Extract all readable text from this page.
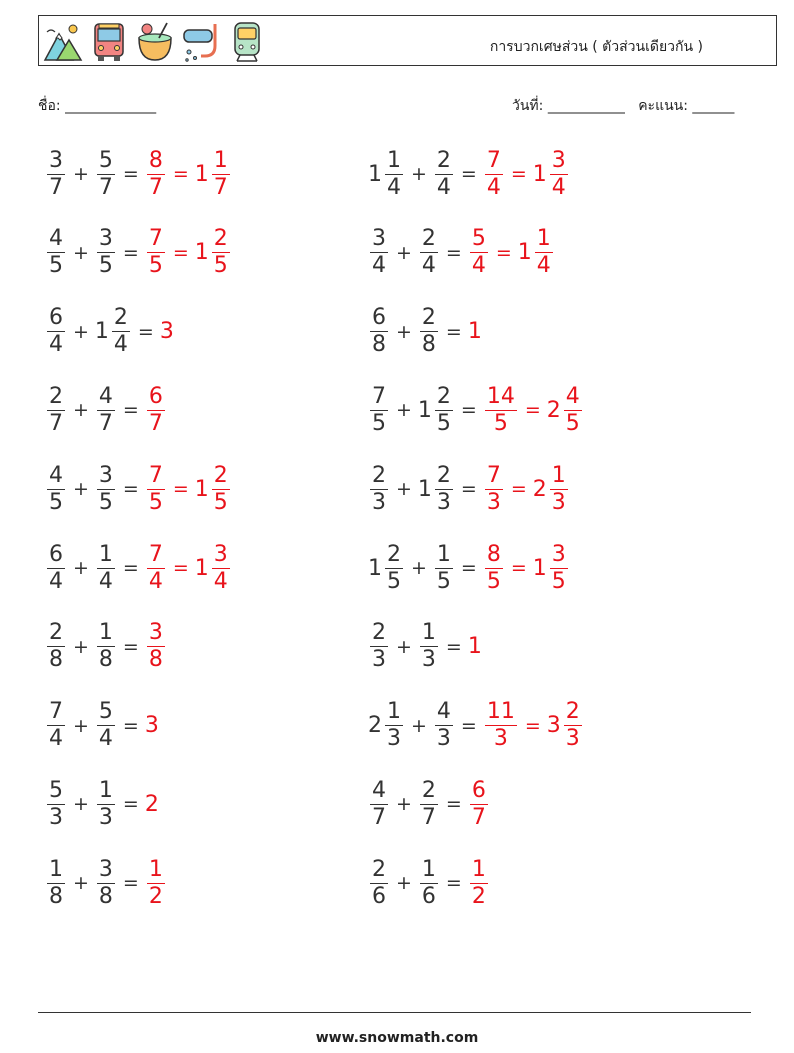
การบวกเศษส่วน ( ตัวส่วนเดียวกัน )
ชื่อ: _____________	วันที่: ___________ คะแนน: ______
$\frac{3}{7} + \frac{5}{7} = \frac{8}{7} = 1 \frac{1}{7}$	$1 \frac{1}{4} + \frac{2}{4} = \frac{7}{4} = 1 \frac{3}{4}$
$\frac{4}{5} + \frac{3}{5} = \frac{7}{5} = 1 \frac{2}{5}$	$\frac{3}{4} + \frac{2}{4} = \frac{5}{4} = 1 \frac{1}{4}$
$\frac{6}{4} + 1 \frac{2}{4} = 3$	$\frac{6}{8} + \frac{2}{8} = 1$
$\frac{2}{7} + \frac{4}{7} = \frac{6}{7}$	$\frac{7}{5} + 1 \frac{2}{5} = \frac{14}{5} = 2 \frac{4}{5}$
$\frac{4}{5} + \frac{3}{5} = \frac{7}{5} = 1 \frac{2}{5}$	$\frac{2}{3} + 1 \frac{2}{3} = \frac{7}{3} = 2 \frac{1}{3}$
$\frac{6}{4} + \frac{1}{4} = \frac{7}{4} = 1 \frac{3}{4}$	$1 \frac{2}{5} + \frac{1}{5} = \frac{8}{5} = 1 \frac{3}{5}$
$\frac{2}{8} + \frac{1}{8} = \frac{3}{8}$	$\frac{2}{3} + \frac{1}{3} = 1$
$\frac{7}{4} + \frac{5}{4} = 3$	$2 \frac{1}{3} + \frac{4}{3} = \frac{11}{3} = 3 \frac{2}{3}$
$\frac{5}{3} + \frac{1}{3} = 2$	$\frac{4}{7} + \frac{2}{7} = \frac{6}{7}$
$\frac{1}{8} + \frac{3}{8} = \frac{1}{2}$	$\frac{2}{6} + \frac{1}{6} = \frac{1}{2}$
www.snowmath.com
